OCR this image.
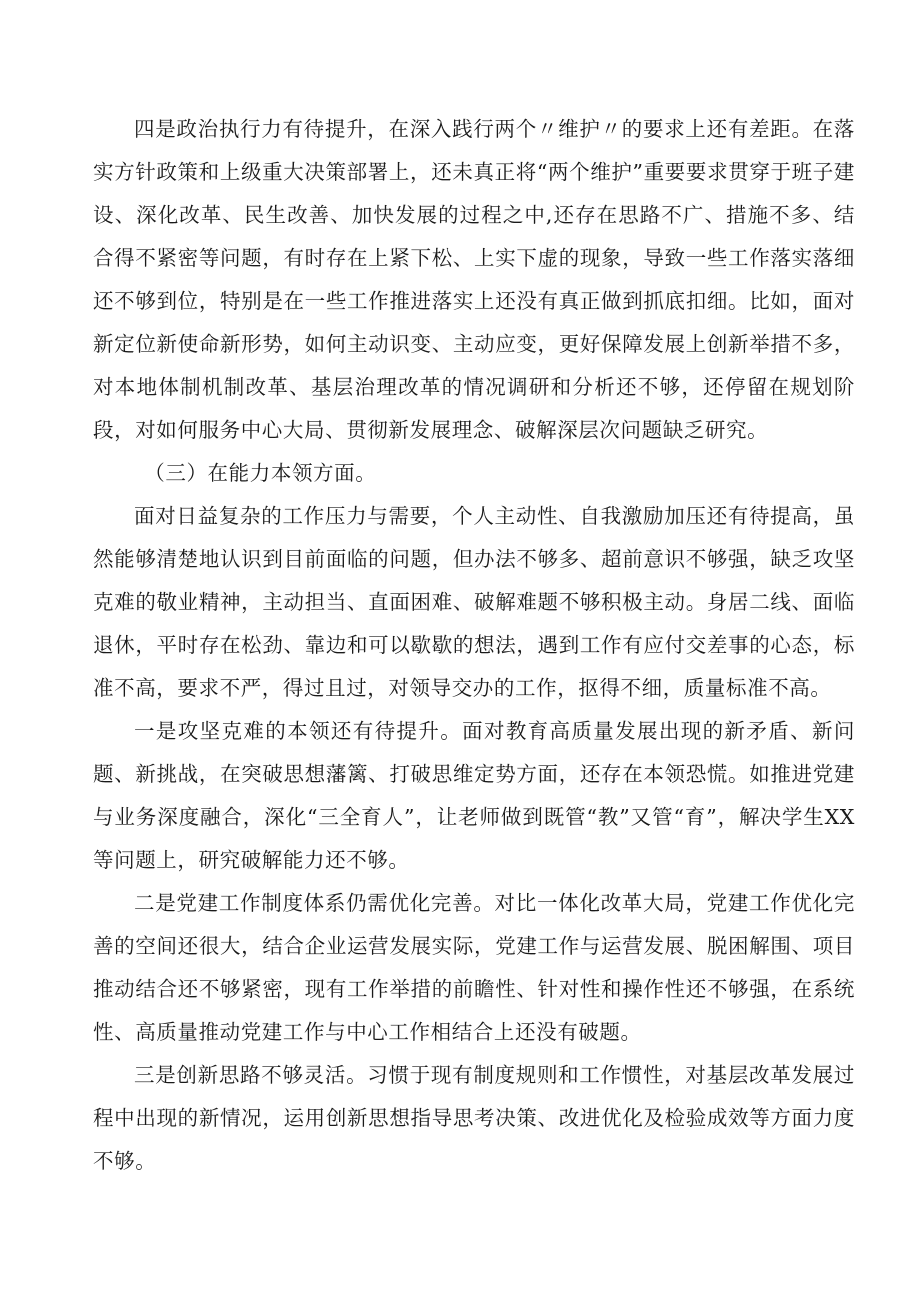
四是政治执行力有待提升，在深入践行两个〃维护〃的要求上还有差距。在落实方针政策和上级重大决策部署上，还未真正将“两个维护”重要要求贯穿于班子建设、深化改革、民生改善、加快发展的过程之中,还存在思路不广、措施不多、结合得不紧密等问题，有时存在上紧下松、上实下虚的现象，导致一些工作落实落细还不够到位，特别是在一些工作推进落实上还没有真正做到抓底扣细。比如，面对新定位新使命新形势，如何主动识变、主动应变，更好保障发展上创新举措不多，对本地体制机制改革、基层治理改革的情况调研和分析还不够，还停留在规划阶段，对如何服务中心大局、贯彻新发展理念、破解深层次问题缺乏研究。

（三）在能力本领方面。

面对日益复杂的工作压力与需要，个人主动性、自我激励加压还有待提高，虽然能够清楚地认识到目前面临的问题，但办法不够多、超前意识不够强，缺乏攻坚克难的敬业精神，主动担当、直面困难、破解难题不够积极主动。身居二线、面临退休，平时存在松劲、靠边和可以歇歇的想法，遇到工作有应付交差事的心态，标准不高，要求不严，得过且过，对领导交办的工作，抠得不细，质量标准不高。

一是攻坚克难的本领还有待提升。面对教育高质量发展出现的新矛盾、新问题、新挑战，在突破思想藩篱、打破思维定势方面，还存在本领恐慌。如推进党建与业务深度融合，深化“三全育人”，让老师做到既管“教”又管“育”，解决学生XX等问题上，研究破解能力还不够。

二是党建工作制度体系仍需优化完善。对比一体化改革大局，党建工作优化完善的空间还很大，结合企业运营发展实际，党建工作与运营发展、脱困解围、项目推动结合还不够紧密，现有工作举措的前瞻性、针对性和操作性还不够强，在系统性、高质量推动党建工作与中心工作相结合上还没有破题。

三是创新思路不够灵活。习惯于现有制度规则和工作惯性，对基层改革发展过程中出现的新情况，运用创新思想指导思考决策、改进优化及检验成效等方面力度不够。
